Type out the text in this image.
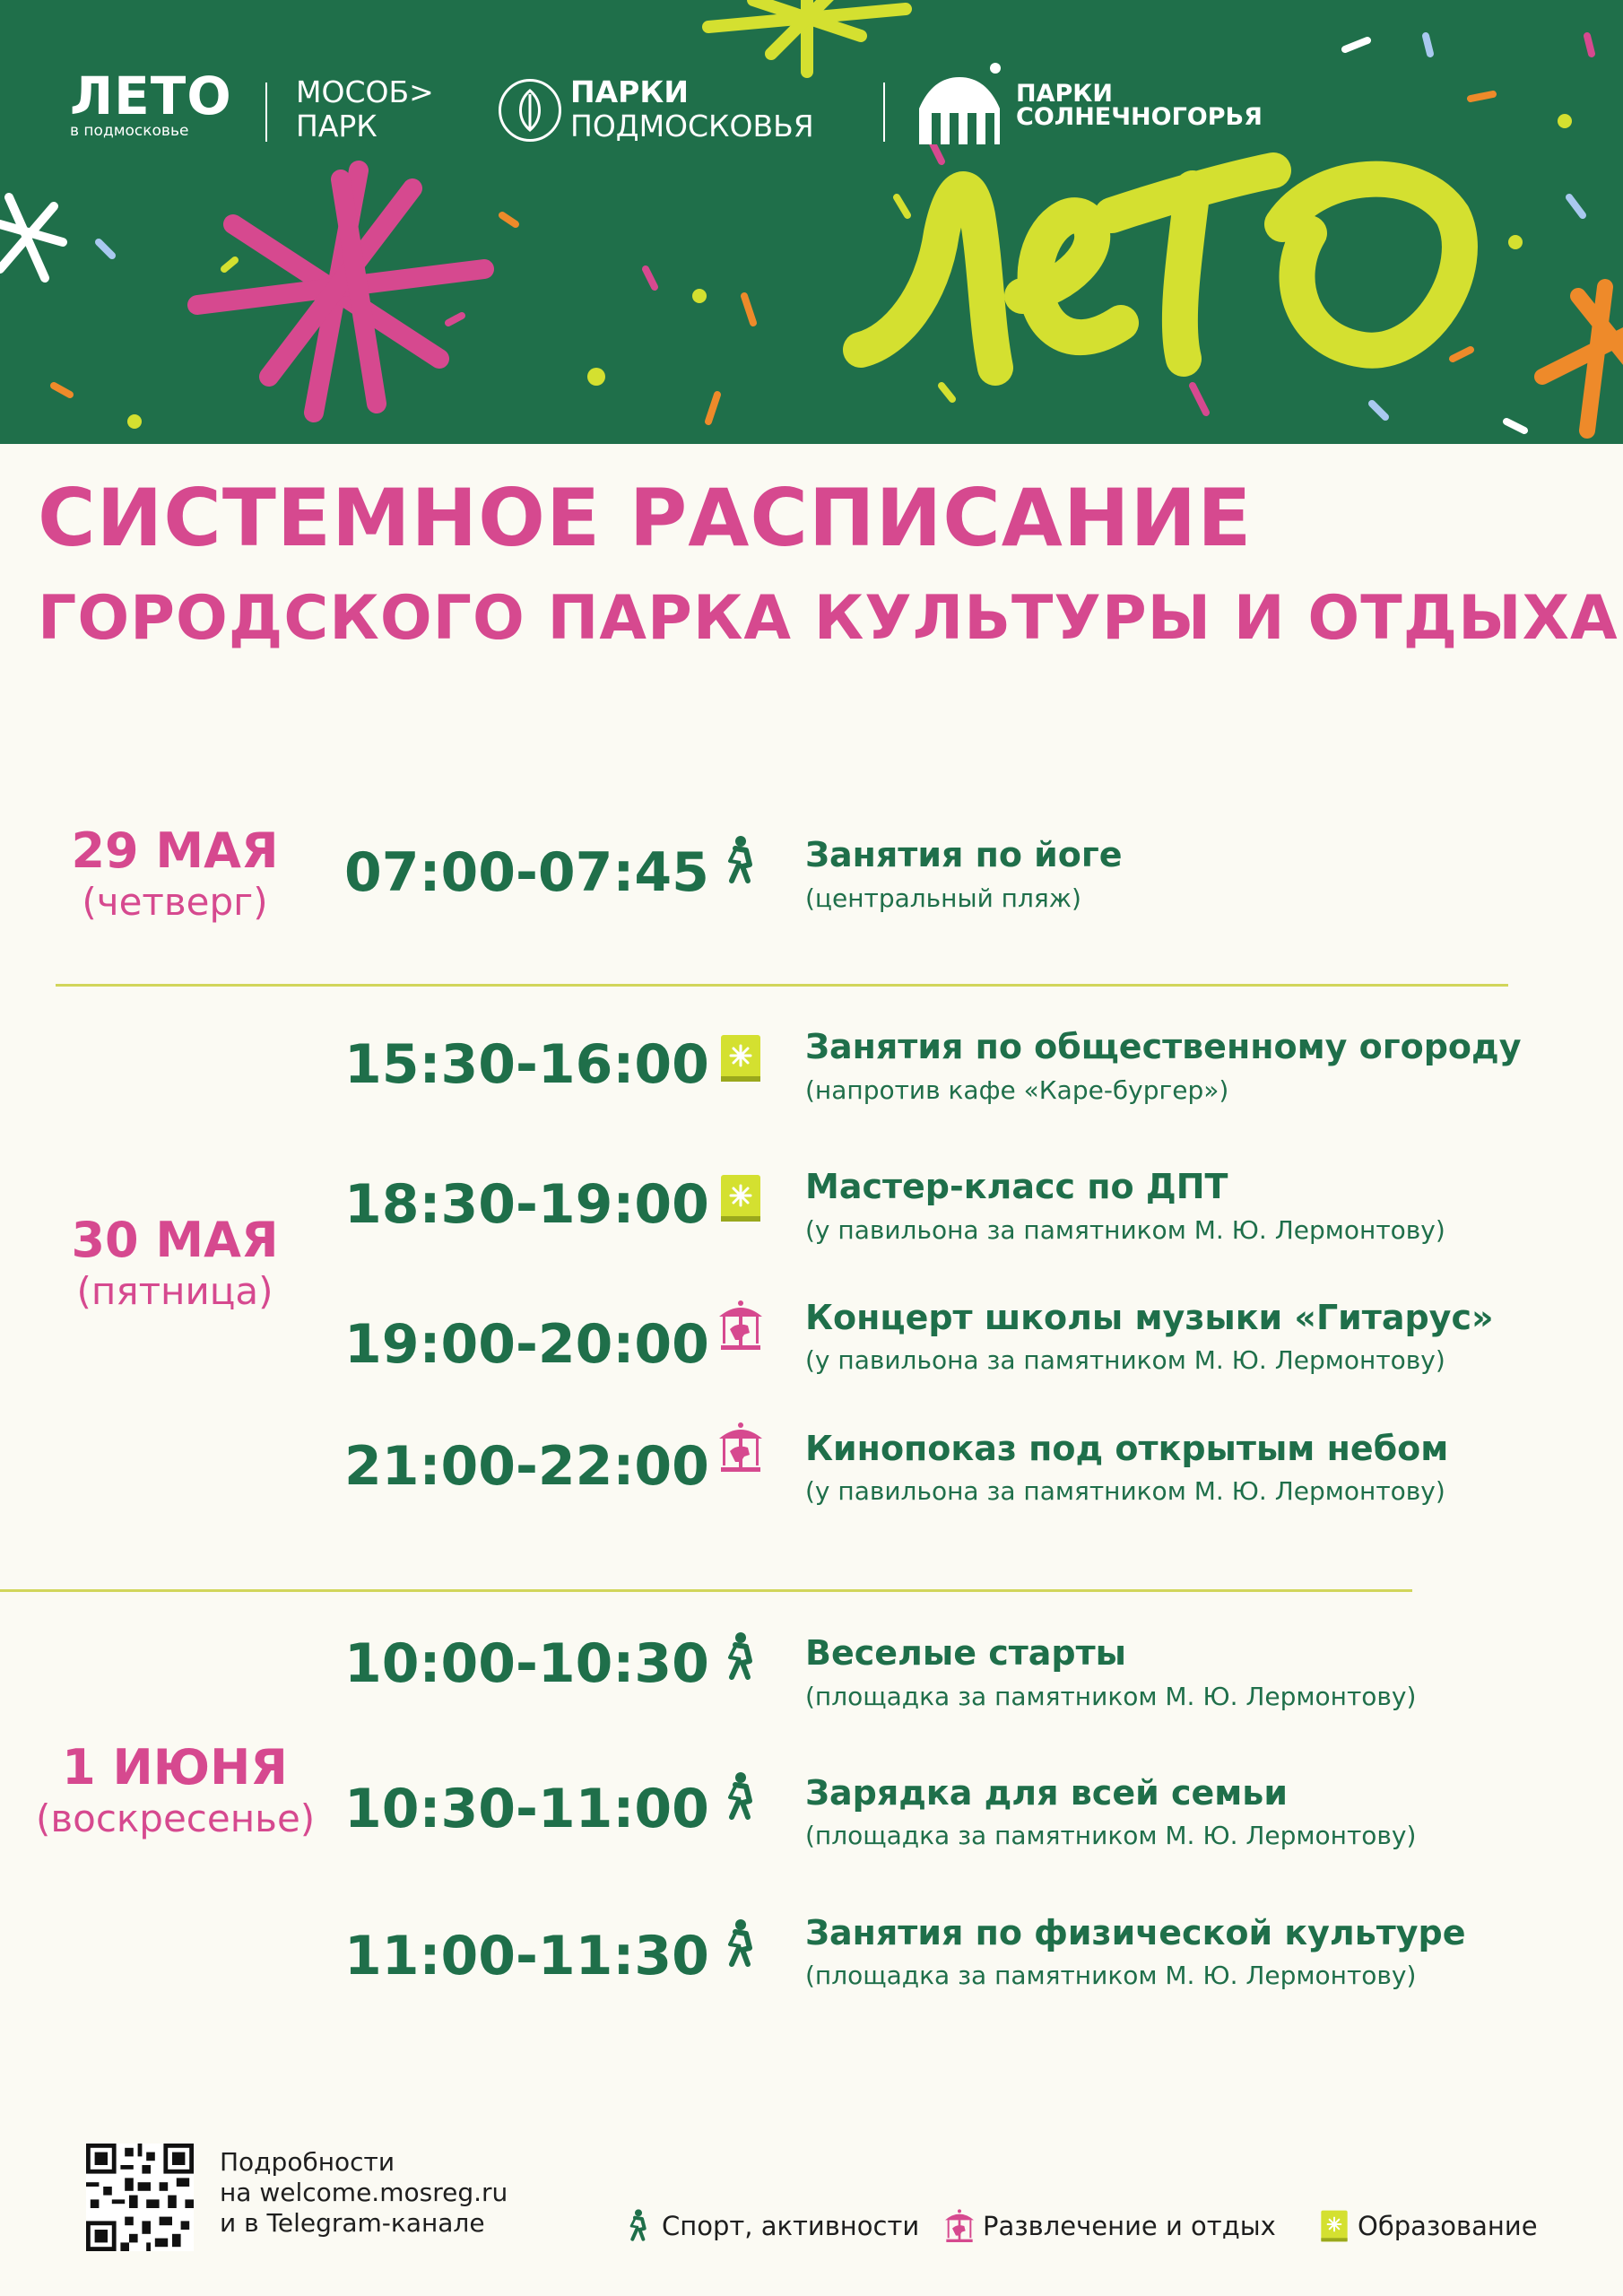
ЛЕТО
в подмосковье
МОСОБ>
ПАРК
ПАРКИ
ПОДМОСКОВЬЯ
ПАРКИ
СОЛНЕЧНОГОРЬЯ
СИСТЕМНОЕ РАСПИСАНИЕ
ГОРОДСКОГО ПАРКА КУЛЬТУРЫ И ОТДЫХА
29 МАЯ
(четверг)	07:00-07:45	Занятия по йоге
(центральный пляж)
30 МАЯ
(пятница)
15:30-16:00	Занятия по общественному огороду
(напротив кафе «Каре-бургер»)
18:30-19:00	Мастер-класс по ДПТ
(у павильона за памятником М. Ю. Лермонтову)
19:00-20:00	Концерт школы музыки «Гитарус»
(у павильона за памятником М. Ю. Лермонтову)
21:00-22:00	Кинопоказ под открытым небом
(у павильона за памятником М. Ю. Лермонтову)
1 ИЮНЯ
(воскресенье)
10:00-10:30	Веселые старты
(площадка за памятником М. Ю. Лермонтову)
10:30-11:00	Зарядка для всей семьи
(площадка за памятником М. Ю. Лермонтову)
11:00-11:30	Занятия по физической культуре
(площадка за памятником М. Ю. Лермонтову)
Подробности
на welcome.mosreg.ru
и в Telegram-канале	Спорт, активности Развлечение и отдых	Образование
